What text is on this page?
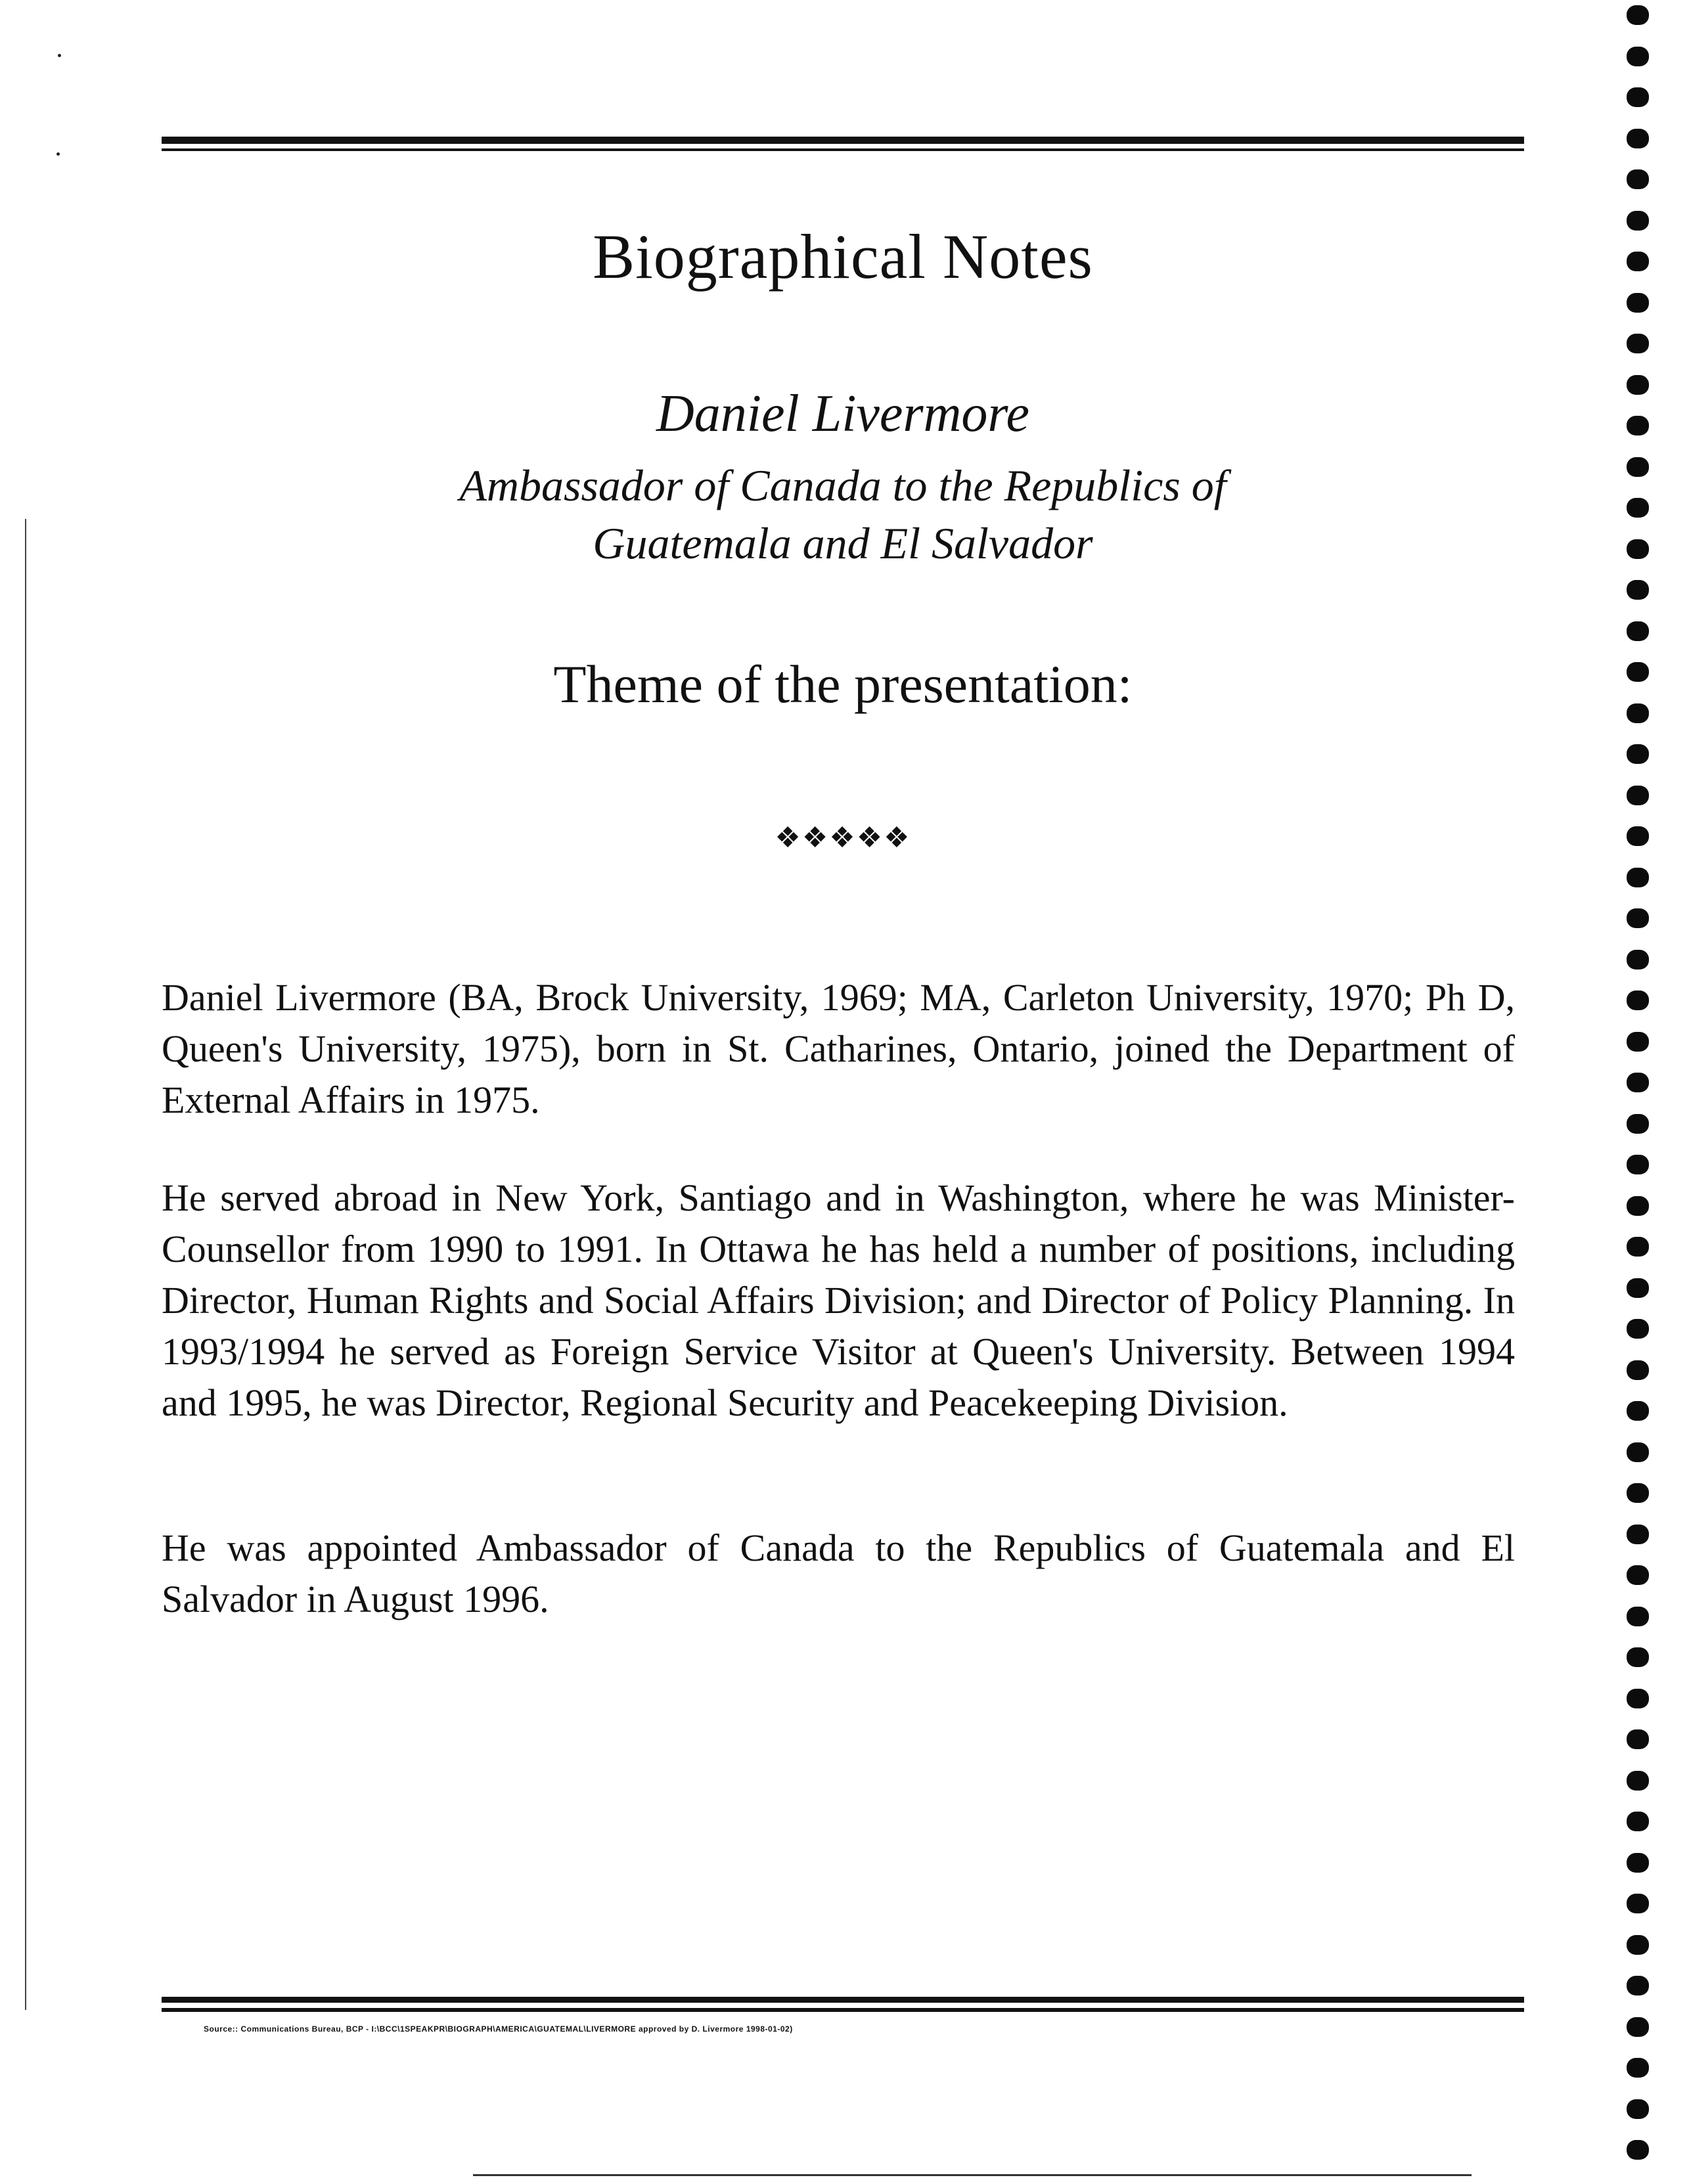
Biographical Notes
Daniel Livermore
Ambassador of Canada to the Republics of
Guatemala and El Salvador
Theme of the presentation:
❖❖❖❖❖
Daniel Livermore (BA, Brock University, 1969; MA, Carleton University, 1970; Ph D, Queen's University, 1975), born in St. Catharines, Ontario, joined the Department of External Affairs in 1975.
He served abroad in New York, Santiago and in Washington, where he was Minister-Counsellor from 1990 to 1991. In Ottawa he has held a number of positions, including Director, Human Rights and Social Affairs Division; and Director of Policy Planning. In 1993/1994 he served as Foreign Service Visitor at Queen's University. Between 1994 and 1995, he was Director, Regional Security and Peacekeeping Division.
He was appointed Ambassador of Canada to the Republics of Guatemala and El Salvador in August 1996.
Source:: Communications Bureau, BCP - I:\BCC\1SPEAKPR\BIOGRAPH\AMERICA\GUATEMAL\LIVERMORE approved by D. Livermore 1998-01-02)
